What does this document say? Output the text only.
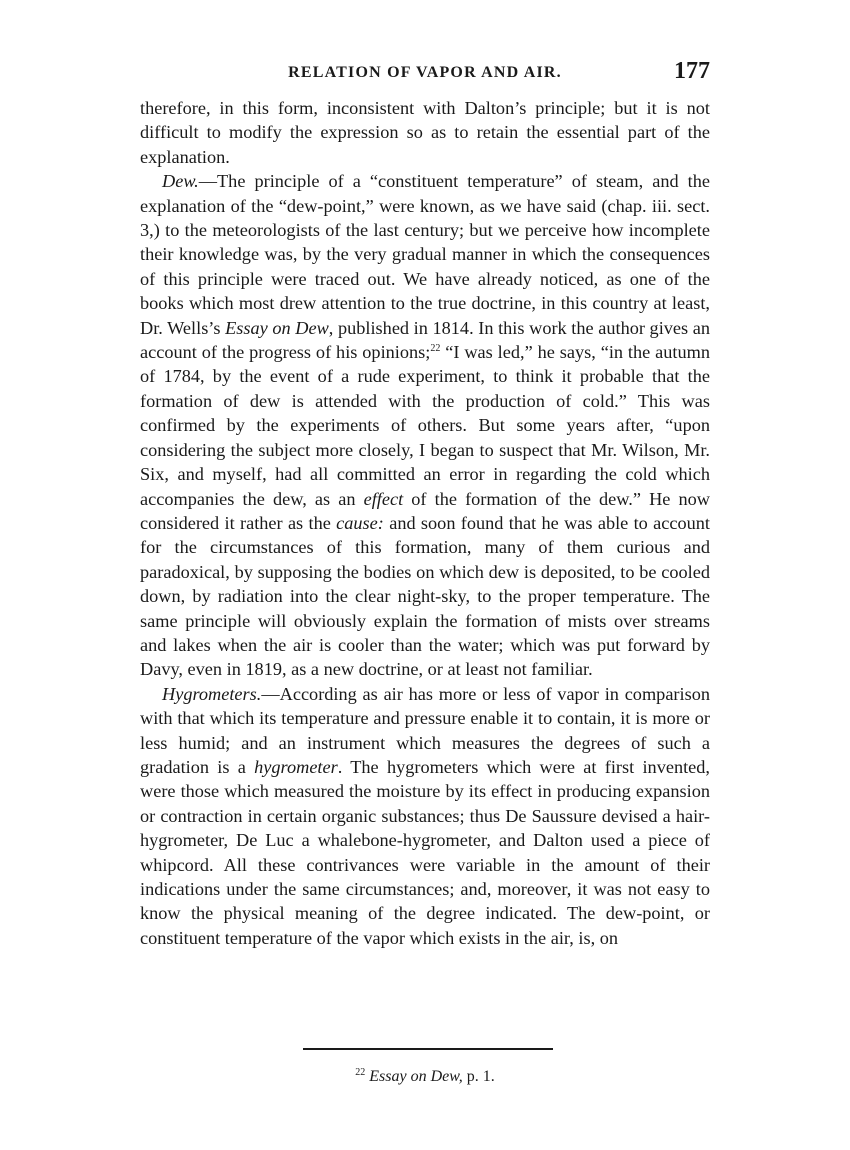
RELATION OF VAPOR AND AIR.	177

therefore, in this form, inconsistent with Dalton’s principle; but it is not difficult to modify the expression so as to retain the essential part of the explanation.

Dew.—The principle of a “constituent temperature” of steam, and the explanation of the “dew-point,” were known, as we have said (chap. iii. sect. 3,) to the meteorologists of the last century; but we perceive how incomplete their knowledge was, by the very gradual manner in which the consequences of this principle were traced out. We have already noticed, as one of the books which most drew attention to the true doctrine, in this country at least, Dr. Wells’s Essay on Dew, published in 1814. In this work the author gives an account of the progress of his opinions;$^{22}$ “I was led,” he says, “in the autumn of 1784, by the event of a rude experiment, to think it probable that the formation of dew is attended with the production of cold.” This was confirmed by the experiments of others. But some years after, “upon considering the subject more closely, I began to suspect that Mr. Wilson, Mr. Six, and myself, had all committed an error in regarding the cold which accompanies the dew, as an effect of the formation of the dew.” He now considered it rather as the cause: and soon found that he was able to account for the circumstances of this formation, many of them curious and paradoxical, by supposing the bodies on which dew is deposited, to be cooled down, by radiation into the clear night-sky, to the proper temperature. The same principle will obviously explain the formation of mists over streams and lakes when the air is cooler than the water; which was put forward by Davy, even in 1819, as a new doctrine, or at least not familiar.

Hygrometers.—According as air has more or less of vapor in comparison with that which its temperature and pressure enable it to contain, it is more or less humid; and an instrument which measures the degrees of such a gradation is a hygrometer. The hygrometers which were at first invented, were those which measured the moisture by its effect in producing expansion or contraction in certain organic substances; thus De Saussure devised a hair-hygrometer, De Luc a whalebone-hygrometer, and Dalton used a piece of whipcord. All these contrivances were variable in the amount of their indications under the same circumstances; and, moreover, it was not easy to know the physical meaning of the degree indicated. The dew-point, or constituent temperature of the vapor which exists in the air, is, on

$^{22}$ Essay on Dew, p. 1.
